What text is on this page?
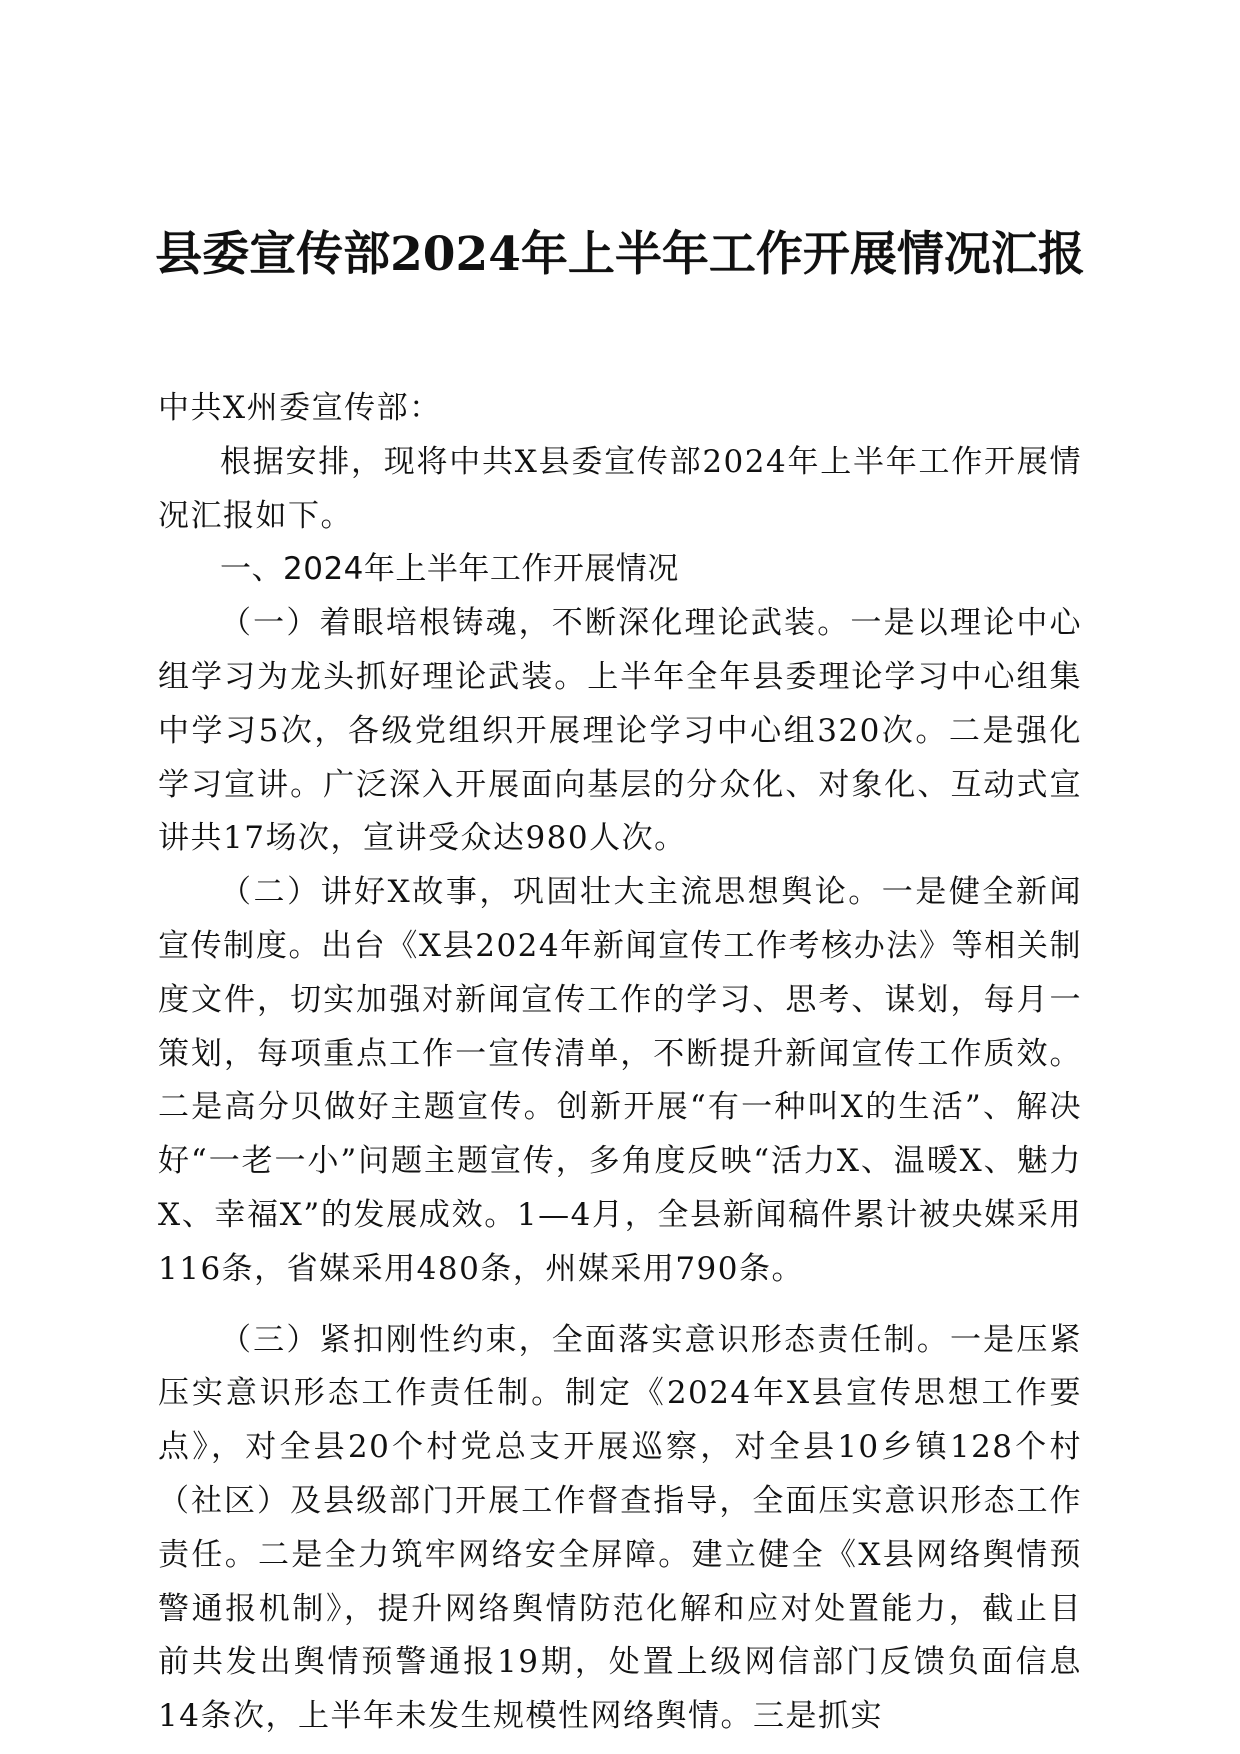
县委宣传部2024年上半年工作开展情况汇报

中共X州委宣传部：

根据安排，现将中共X县委宣传部2024年上半年工作开展情况汇报如下。

一、2024年上半年工作开展情况

（一）着眼培根铸魂，不断深化理论武装。一是以理论中心组学习为龙头抓好理论武装。上半年全年县委理论学习中心组集中学习5次，各级党组织开展理论学习中心组320次。二是强化学习宣讲。广泛深入开展面向基层的分众化、对象化、互动式宣讲共17场次，宣讲受众达980人次。

（二）讲好X故事，巩固壮大主流思想舆论。一是健全新闻宣传制度。出台《X县2024年新闻宣传工作考核办法》等相关制度文件，切实加强对新闻宣传工作的学习、思考、谋划，每月一策划，每项重点工作一宣传清单，不断提升新闻宣传工作质效。二是高分贝做好主题宣传。创新开展“有一种叫X的生活”、解决好“一老一小”问题主题宣传，多角度反映“活力X、温暖X、魅力X、幸福X”的发展成效。1—4月，全县新闻稿件累计被央媒采用116条，省媒采用480条，州媒采用790条。

（三）紧扣刚性约束，全面落实意识形态责任制。一是压紧压实意识形态工作责任制。制定《2024年X县宣传思想工作要点》，对全县20个村党总支开展巡察，对全县10乡镇128个村（社区）及县级部门开展工作督查指导，全面压实意识形态工作责任。二是全力筑牢网络安全屏障。建立健全《X县网络舆情预警通报机制》，提升网络舆情防范化解和应对处置能力，截止目前共发出舆情预警通报19期，处置上级网信部门反馈负面信息14条次，上半年未发生规模性网络舆情。三是抓实
